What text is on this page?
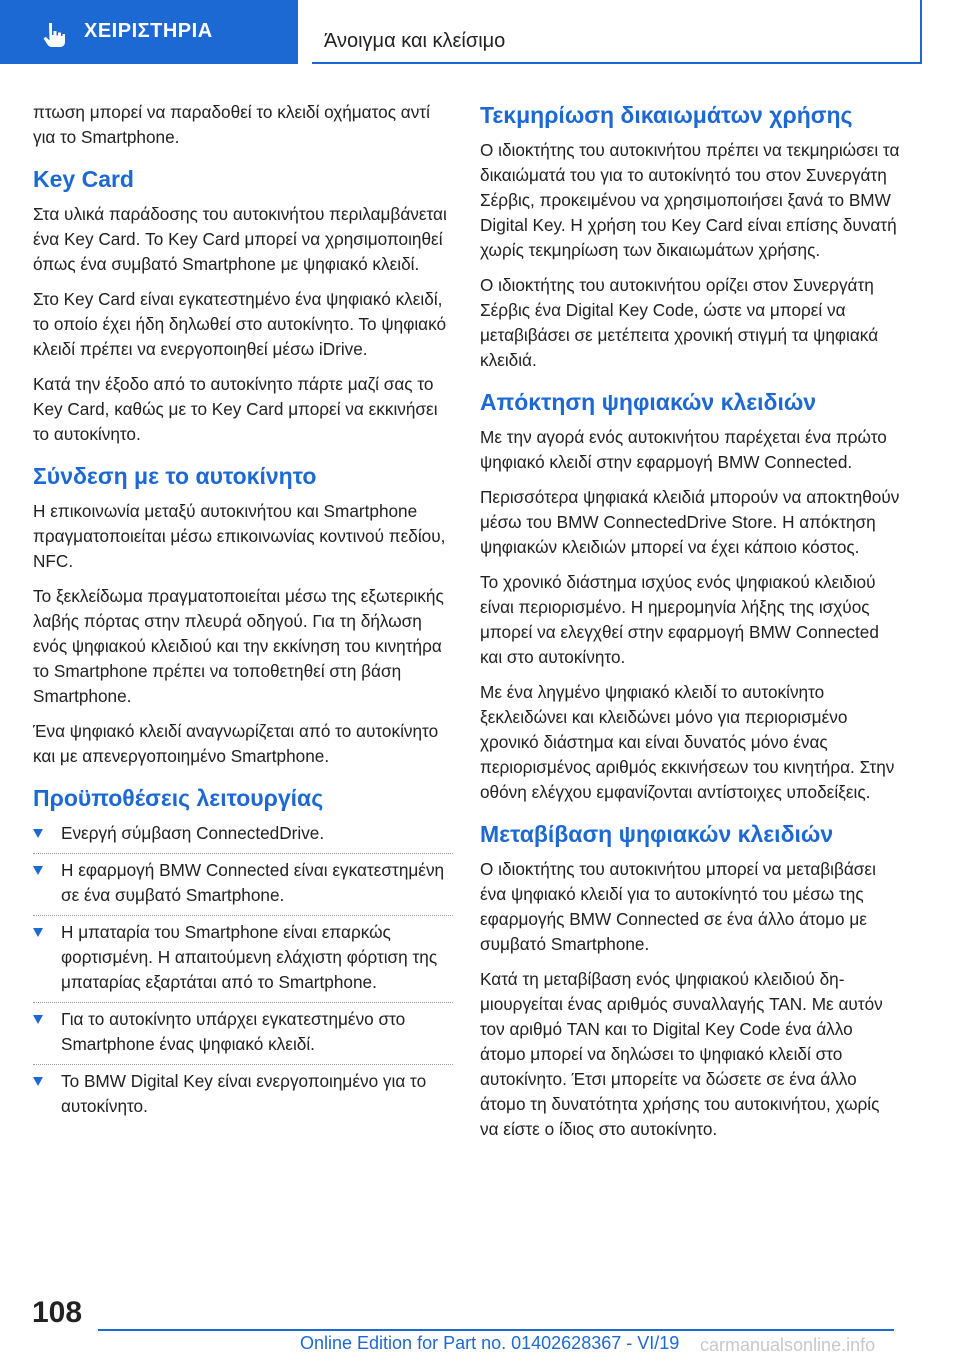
ΧΕΙΡΙΣΤΗΡΙΑ	Άνοιγμα και κλείσιμο

πτωση μπορεί να παραδοθεί το κλειδί οχήματος αντί για το Smartphone.

Key Card

Στα υλικά παράδοσης του αυτοκινήτου περιλαμβάνεται ένα Key Card. Το Key Card μπορεί να χρησιμοποιηθεί όπως ένα συμβατό Smartphone με ψηφιακό κλειδί.

Στο Key Card είναι εγκατεστημένο ένα ψηφιακό κλειδί, το οποίο έχει ήδη δηλωθεί στο αυτοκίνητο. Το ψηφιακό κλειδί πρέπει να ενεργοποιηθεί μέσω iDrive.

Κατά την έξοδο από το αυτοκίνητο πάρτε μαζί σας το Key Card, καθώς με το Key Card μπορεί να εκκινήσει το αυτοκίνητο.

Σύνδεση με το αυτοκίνητο

Η επικοινωνία μεταξύ αυτοκινήτου και Smartphone πραγματοποιείται μέσω επικοινωνίας κοντινού πεδίου, NFC.

Το ξεκλείδωμα πραγματοποιείται μέσω της εξωτερικής λαβής πόρτας στην πλευρά οδηγού. Για τη δήλωση ενός ψηφιακού κλειδιού και την εκκίνηση του κινητήρα το Smartphone πρέπει να τοποθετηθεί στη βάση Smartphone.

Ένα ψηφιακό κλειδί αναγνωρίζεται από το αυτοκίνητο και με απενεργοποιημένο Smartphone.

Προϋποθέσεις λειτουργίας
Ενεργή σύμβαση ConnectedDrive.
Η εφαρμογή BMW Connected είναι εγκατεστημένη σε ένα συμβατό Smartphone.
Η μπαταρία του Smartphone είναι επαρκώς φορτισμένη. Η απαιτούμενη ελάχιστη φόρτιση της μπαταρίας εξαρτάται από το Smartphone.
Για το αυτοκίνητο υπάρχει εγκατεστημένο στο Smartphone ένας ψηφιακό κλειδί.
Το BMW Digital Key είναι ενεργοποιημένο για το αυτοκίνητο.
Τεκμηρίωση δικαιωμάτων χρήσης

Ο ιδιοκτήτης του αυτοκινήτου πρέπει να τεκμηριώσει τα δικαιώματά του για το αυτοκίνητό του στον Συνεργάτη Σέρβις, προκειμένου να χρησιμοποιήσει ξανά το BMW Digital Key. Η χρήση του Key Card είναι επίσης δυνατή χωρίς τεκμηρίωση των δικαιωμάτων χρήσης.

Ο ιδιοκτήτης του αυτοκινήτου ορίζει στον Συνεργάτη Σέρβις ένα Digital Key Code, ώστε να μπορεί να μεταβιβάσει σε μετέπειτα χρονική στιγμή τα ψηφιακά κλειδιά.

Απόκτηση ψηφιακών κλειδιών

Με την αγορά ενός αυτοκινήτου παρέχεται ένα πρώτο ψηφιακό κλειδί στην εφαρμογή BMW Connected.

Περισσότερα ψηφιακά κλειδιά μπορούν να αποκτηθούν μέσω του BMW ConnectedDrive Store. Η απόκτηση ψηφιακών κλειδιών μπορεί να έχει κάποιο κόστος.

Το χρονικό διάστημα ισχύος ενός ψηφιακού κλειδιού είναι περιορισμένο. Η ημερομηνία λήξης της ισχύος μπορεί να ελεγχθεί στην εφαρμογή BMW Connected και στο αυτοκίνητο.

Με ένα ληγμένο ψηφιακό κλειδί το αυτοκίνητο ξεκλειδώνει και κλειδώνει μόνο για περιορισμένο χρονικό διάστημα και είναι δυνατός μόνο ένας περιορισμένος αριθμός εκκινήσεων του κινητήρα. Στην οθόνη ελέγχου εμφανίζονται αντίστοιχες υποδείξεις.

Μεταβίβαση ψηφιακών κλειδιών

Ο ιδιοκτήτης του αυτοκινήτου μπορεί να μεταβιβάσει ένα ψηφιακό κλειδί για το αυτοκίνητό του μέσω της εφαρμογής BMW Connected σε ένα άλλο άτομο με συμβατό Smartphone.

Κατά τη μεταβίβαση ενός ψηφιακού κλειδιού δημιουργείται ένας αριθμός συναλλαγής TAN. Με αυτόν τον αριθμό TAN και το Digital Key Code ένα άλλο άτομο μπορεί να δηλώσει το ψηφιακό κλειδί στο αυτοκίνητο. Έτσι μπορείτε να δώσετε σε ένα άλλο άτομο τη δυνατότητα χρήσης του αυτοκινήτου, χωρίς να είστε ο ίδιος στο αυτοκίνητο.

108
Online Edition for Part no. 01402628367 - VI/19 carmanualsonline.info
